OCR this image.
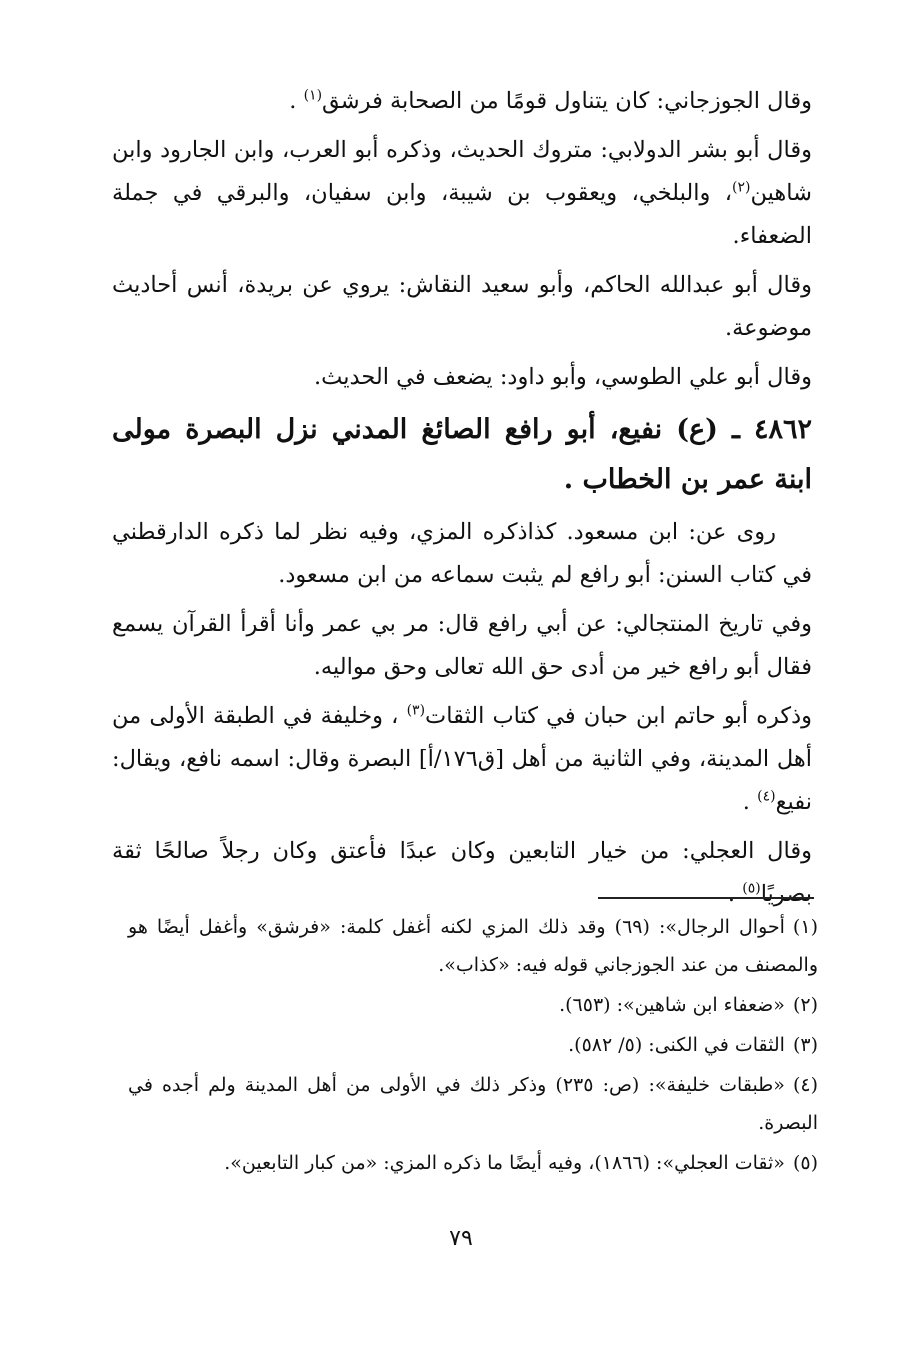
وقال الجوزجاني: كان يتناول قومًا من الصحابة فرشق$^{(١)}$ .

وقال أبو بشر الدولابي: متروك الحديث، وذكره أبو العرب، وابن الجارود وابن شاهين$^{(٢)}$، والبلخي، ويعقوب بن شيبة، وابن سفيان، والبرقي في جملة الضعفاء.

وقال أبو عبدالله الحاكم، وأبو سعيد النقاش: يروي عن بريدة، أنس أحاديث موضوعة.

وقال أبو علي الطوسي، وأبو داود: يضعف في الحديث.

٤٨٦٢ ـ (ع) نفيع، أبو رافع الصائغ المدني نزل البصرة مولى ابنة عمر بن الخطاب .

روى عن: ابن مسعود. كذاذكره المزي، وفيه نظر لما ذكره الدارقطني في كتاب السنن: أبو رافع لم يثبت سماعه من ابن مسعود.

وفي تاريخ المنتجالي: عن أبي رافع قال: مر بي عمر وأنا أقرأ القرآن يسمع فقال أبو رافع خير من أدى حق الله تعالى وحق مواليه.

وذكره أبو حاتم ابن حبان في كتاب الثقات$^{(٣)}$ ، وخليفة في الطبقة الأولى من أهل المدينة، وفي الثانية من أهل [ق١٧٦/أ] البصرة وقال: اسمه نافع، ويقال: نفيع$^{(٤)}$ .

وقال العجلي: من خيار التابعين وكان عبدًا فأعتق وكان رجلاً صالحًا ثقة بصريًا$^{(٥)}$ .

(١)أحوال الرجال»: (٦٩) وقد ذلك المزي لكنه أغفل كلمة: «فرشق» وأغفل أيضًا هو والمصنف من عند الجوزجاني قوله فيه: «كذاب».

(٢)«ضعفاء ابن شاهين»: (٦٥٣).

(٣)الثقات في الكنى: (٥/ ٥٨٢).

(٤)«طبقات خليفة»: (ص: ٢٣٥) وذكر ذلك في الأولى من أهل المدينة ولم أجده في البصرة.

(٥)«ثقات العجلي»: (١٨٦٦)، وفيه أيضًا ما ذكره المزي: «من كبار التابعين».

٧٩
